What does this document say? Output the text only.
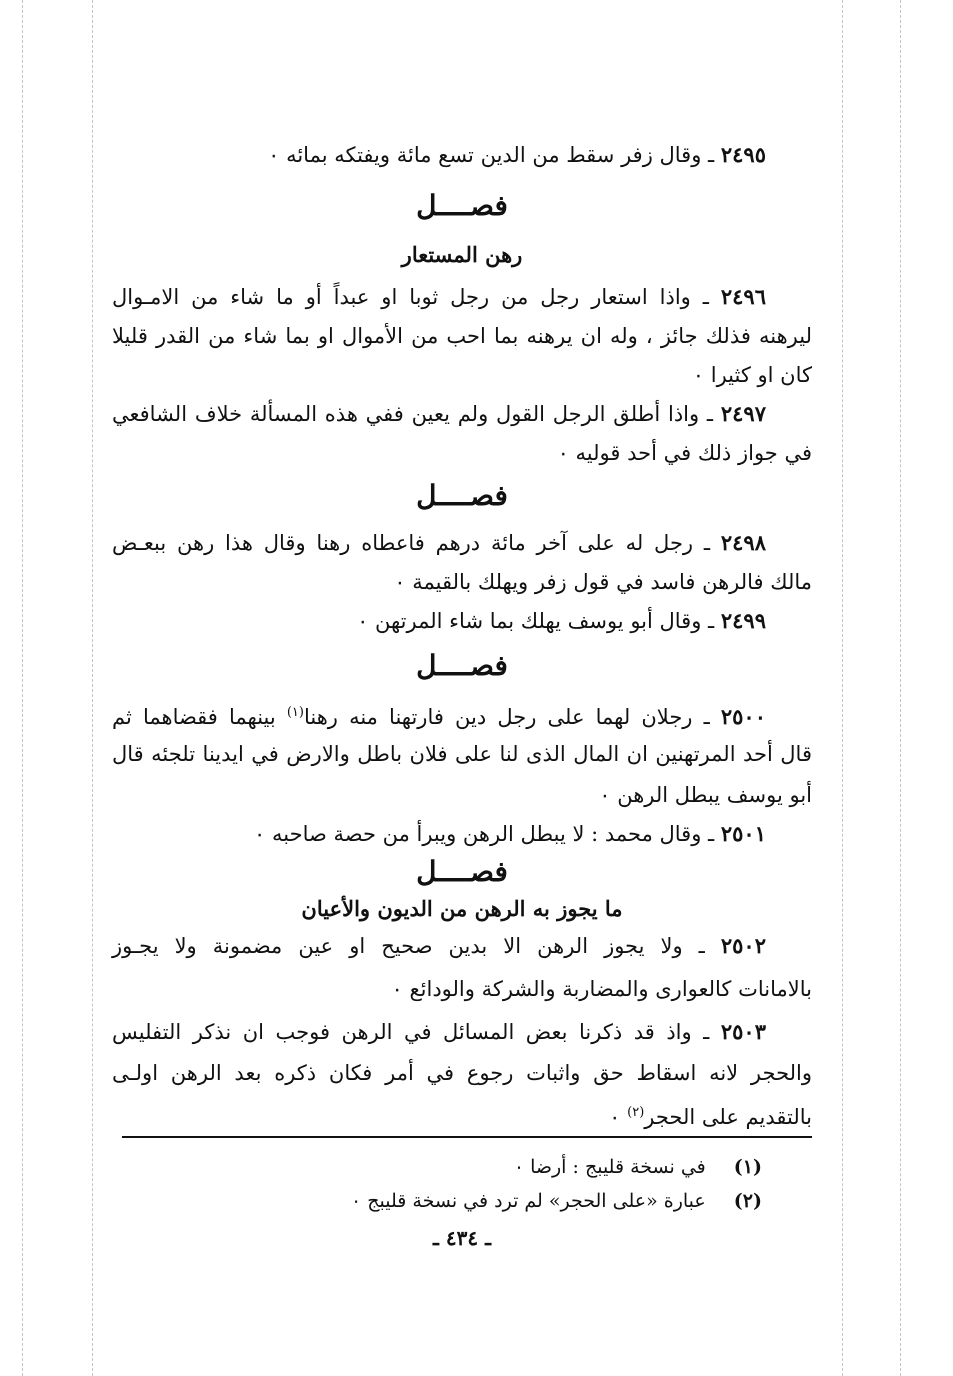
٢٤٩٥ ـ وقال زفر سقط من الدين تسع مائة ويفتكه بمائه ٠
فصــــل
رهن المستعار
٢٤٩٦ ـ واذا استعار رجل من رجل ثوبا او عبداً أو ما شاء من الامـوال
ليرهنه فذلك جائز ، وله ان يرهنه بما احب من الأموال او بما شاء من القدر قليلا
كان او كثيرا ٠
٢٤٩٧ ـ واذا أطلق الرجل القول ولم يعين ففي هذه المسألة خلاف الشافعي
في جواز ذلك في أحد قوليه ٠
فصــــل
٢٤٩٨ ـ رجل له على آخر مائة درهم فاعطاه رهنا وقال هذا رهن ببعـض
مالك فالرهن فاسد في قول زفر ويهلك بالقيمة ٠
٢٤٩٩ ـ وقال أبو يوسف يهلك بما شاء المرتهن ٠
فصــــل
٢٥٠٠ ـ رجلان لهما على رجل دين فارتهنا منه رهنا$^{(١)}$ بينهما فقضاهما ثم
قال أحد المرتهنين ان المال الذى لنا على فلان باطل والارض في ايدينا تلجئه قال
أبو يوسف يبطل الرهن ٠
٢٥٠١ ـ وقال محمد : لا يبطل الرهن ويبرأ من حصة صاحبه ٠
فصــــل
ما يجوز به الرهن من الديون والأعيان
٢٥٠٢ ـ ولا يجوز الرهن الا بدين صحيح او عين مضمونة ولا يجـوز
بالامانات كالعوارى والمضاربة والشركة والودائع ٠
٢٥٠٣ ـ واذ قد ذكرنا بعض المسائل في الرهن فوجب ان نذكر التفليس
والحجر لانه اسقاط حق واثبات رجوع في أمر فكان ذكره بعد الرهن اولـى
بالتقديم على الحجر$^{(٢)}$ ٠
(١) في نسخة قليبج : أرضا ٠
(٢) عبارة «على الحجر» لم ترد في نسخة قليبج ٠
ـ ٤٣٤ ـ
